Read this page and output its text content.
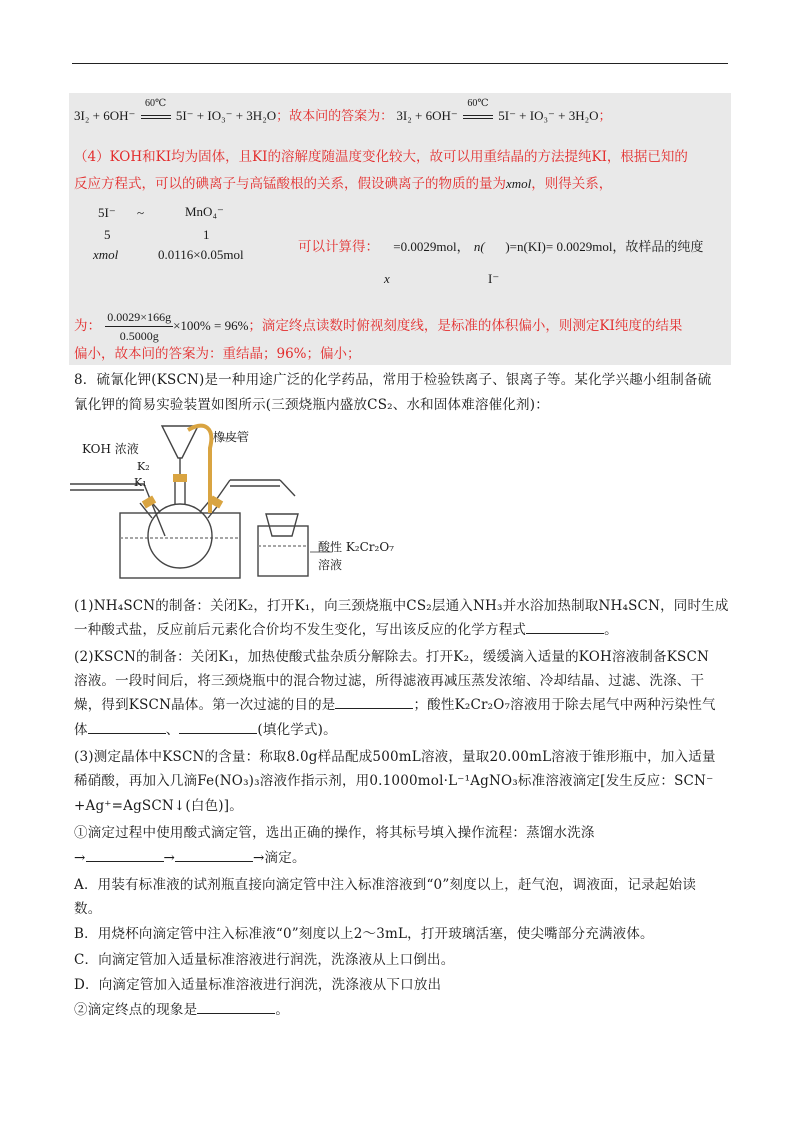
3I₂ + 6OH⁻
60℃
5I⁻ + IO₃⁻ + 3H₂O；故本问的答案为： 3I₂ + 6OH⁻
60℃
5I⁻ + IO₃⁻ + 3H₂O；
（4）KOH和KI均为固体，且KI的溶解度随温度变化较大，故可以用重结晶的方法提纯KI，根据已知的
反应方程式，可以的碘离子与高锰酸根的关系，假设碘离子的物质的量为xmol，则得关系，
5I⁻ ~	MnO₄⁻
5	1
xmol	0.0116×0.05mol	可以计算得： =0.0029mol， n( )=n(KI)= 0.0029mol，故样品的纯度
x	I⁻
为： $\frac{0.0029\times 166g}{0.5000g} \times 100\% = 96\%$；滴定终点读数时俯视刻度线，是标准的体积偏小，则测定KI纯度的结果
偏小，故本问的答案为：重结晶；96%；偏小；
8．硫氰化钾(KSCN)是一种用途广泛的化学药品，常用于检验铁离子、银离子等。某化学兴趣小组制备硫
氰化钾的简易实验装置如图所示(三颈烧瓶内盛放CS₂、水和固体难溶催化剂)：
KOH 浓液
橡皮管
K₂
K₁
酸性 K₂Cr₂O₇
溶液
(1)NH₄SCN的制备：关闭K₂，打开K₁，向三颈烧瓶中CS₂层通入NH₃并水浴加热制取NH₄SCN，同时生成
一种酸式盐，反应前后元素化合价均不发生变化，写出该反应的化学方程式	。
(2)KSCN的制备：关闭K₁，加热使酸式盐杂质分解除去。打开K₂，缓缓滴入适量的KOH溶液制备KSCN
溶液。一段时间后，将三颈烧瓶中的混合物过滤，所得滤液再减压蒸发浓缩、冷却结晶、过滤、洗涤、干
燥，得到KSCN晶体。第一次过滤的目的是	；酸性K₂Cr₂O₇溶液用于除去尾气中两种污染性气
体	、	(填化学式)。
(3)测定晶体中KSCN的含量：称取8.0g样品配成500mL溶液，量取20.00mL溶液于锥形瓶中，加入适量
稀硝酸，再加入几滴Fe(NO₃)₃溶液作指示剂，用0.1000mol·L⁻¹AgNO₃标准溶液滴定[发生反应：SCN⁻
+Ag⁺=AgSCN↓(白色)]。
①滴定过程中使用酸式滴定管，选出正确的操作，将其标号填入操作流程：蒸馏水洗涤
→	→	→滴定。
A．用装有标准液的试剂瓶直接向滴定管中注入标准溶液到“0”刻度以上，赶气泡，调液面，记录起始读
数。
B．用烧杯向滴定管中注入标准液“0”刻度以上2～3mL，打开玻璃活塞，使尖嘴部分充满液体。
C．向滴定管加入适量标准溶液进行润洗，洗涤液从上口倒出。
D．向滴定管加入适量标准溶液进行润洗，洗涤液从下口放出
②滴定终点的现象是	。
